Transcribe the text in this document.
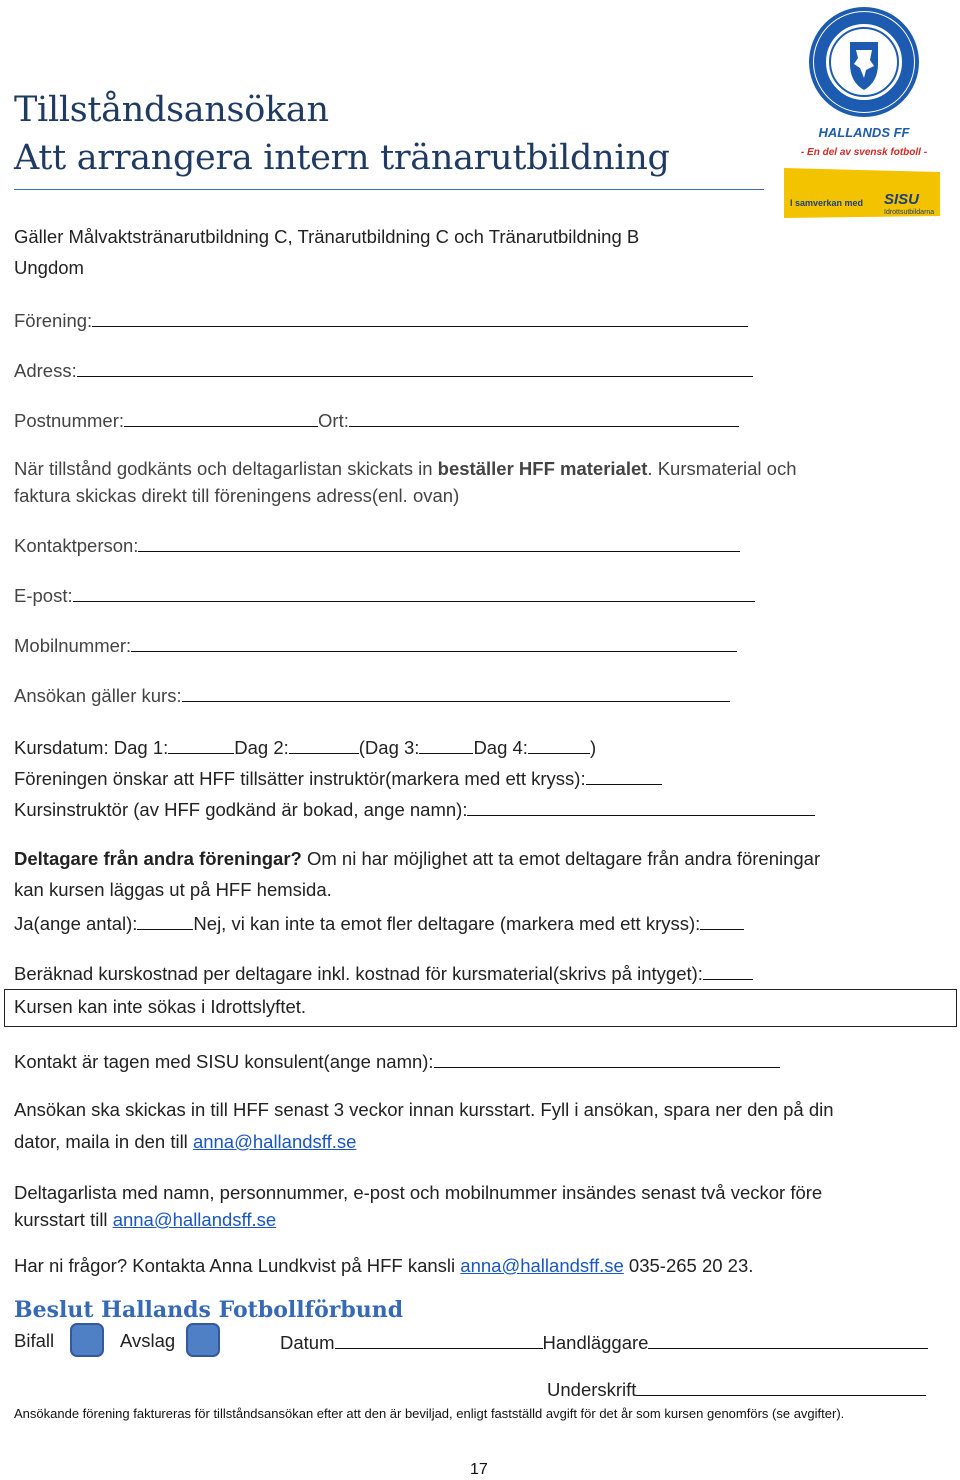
Tillståndsansökan
Att arrangera intern tränarutbildning
HALLANDS FF
- En del av svensk fotboll -
I samverkan med SISU
Idrottsutbildarna
Gäller Målvaktstränarutbildning C, Tränarutbildning C och Tränarutbildning B
Ungdom
Förening:
Adress:
Postnummer:	Ort:
När tillstånd godkänts och deltagarlistan skickats in beställer HFF materialet. Kursmaterial och
faktura skickas direkt till föreningens adress(enl. ovan)
Kontaktperson:
E-post:
Mobilnummer:
Ansökan gäller kurs:
Kursdatum: Dag 1:	Dag 2:	(Dag 3:	Dag 4:	)
Föreningen önskar att HFF tillsätter instruktör(markera med ett kryss):
Kursinstruktör (av HFF godkänd är bokad, ange namn):
Deltagare från andra föreningar? Om ni har möjlighet att ta emot deltagare från andra föreningar
kan kursen läggas ut på HFF hemsida.
Ja(ange antal):	Nej, vi kan inte ta emot fler deltagare (markera med ett kryss):
Beräknad kurskostnad per deltagare inkl. kostnad för kursmaterial(skrivs på intyget):
Kursen kan inte sökas i Idrottslyftet.
Kontakt är tagen med SISU konsulent(ange namn):
Ansökan ska skickas in till HFF senast 3 veckor innan kursstart. Fyll i ansökan, spara ner den på din
dator, maila in den till anna@hallandsff.se
Deltagarlista med namn, personnummer, e-post och mobilnummer insändes senast två veckor före
kursstart till anna@hallandsff.se
Har ni frågor? Kontakta Anna Lundkvist på HFF kansli anna@hallandsff.se 035-265 20 23.
Beslut Hallands Fotbollförbund
Bifall	Avslag	Datum	Handläggare
Underskrift
Ansökande förening faktureras för tillståndsansökan efter att den är beviljad, enligt fastställd avgift för det år som kursen genomförs (se avgifter).
17
